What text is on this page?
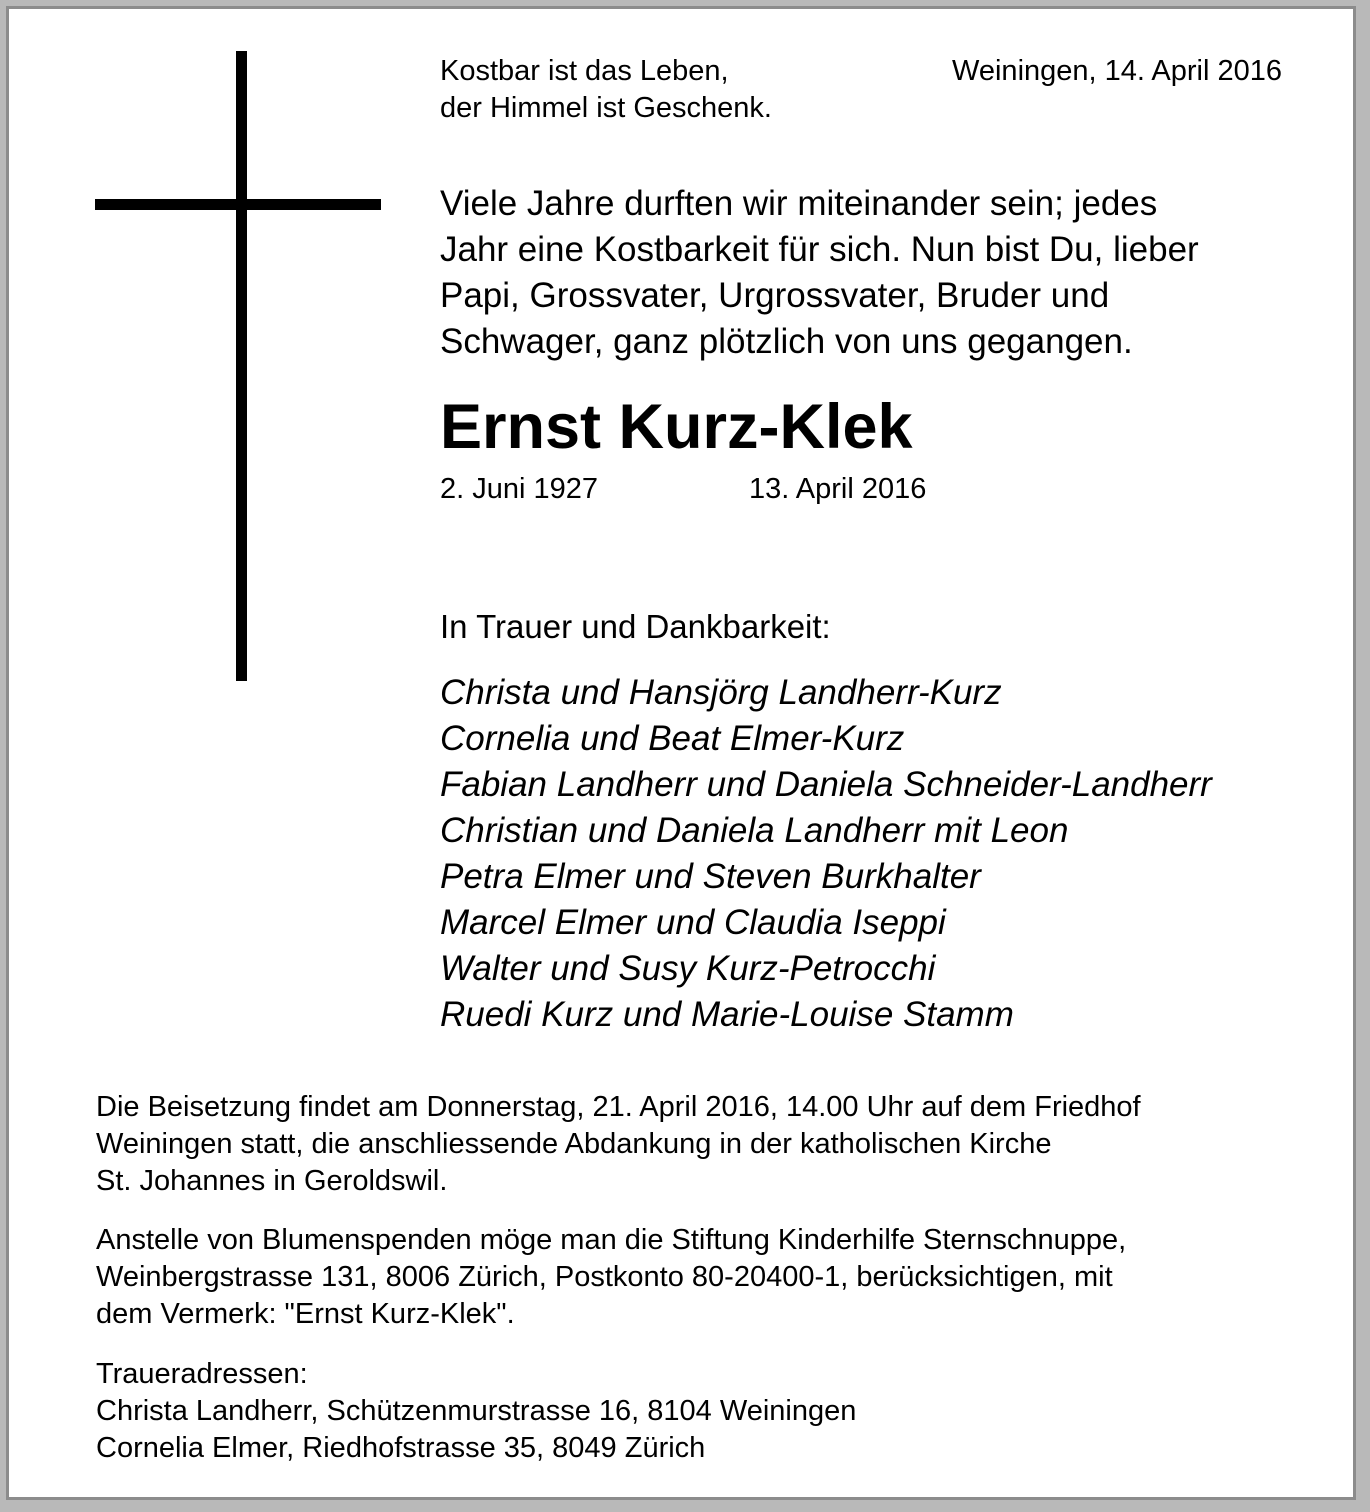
Kostbar ist das Leben,
der Himmel ist Geschenk.
Weiningen, 14. April 2016
Viele Jahre durften wir miteinander sein; jedes
Jahr eine Kostbarkeit für sich. Nun bist Du, lieber
Papi, Grossvater, Urgrossvater, Bruder und
Schwager, ganz plötzlich von uns gegangen.
Ernst Kurz-Klek
2. Juni 1927	13. April 2016
In Trauer und Dankbarkeit:
Christa und Hansjörg Landherr-Kurz
Cornelia und Beat Elmer-Kurz
Fabian Landherr und Daniela Schneider-Landherr
Christian und Daniela Landherr mit Leon
Petra Elmer und Steven Burkhalter
Marcel Elmer und Claudia Iseppi
Walter und Susy Kurz-Petrocchi
Ruedi Kurz und Marie-Louise Stamm
Die Beisetzung findet am Donnerstag, 21. April 2016, 14.00 Uhr auf dem Friedhof
Weiningen statt, die anschliessende Abdankung in der katholischen Kirche
St. Johannes in Geroldswil.
Anstelle von Blumenspenden möge man die Stiftung Kinderhilfe Sternschnuppe,
Weinbergstrasse 131, 8006 Zürich, Postkonto 80-20400-1, berücksichtigen, mit
dem Vermerk: "Ernst Kurz-Klek".
Traueradressen:
Christa Landherr, Schützenmurstrasse 16, 8104 Weiningen
Cornelia Elmer, Riedhofstrasse 35, 8049 Zürich
